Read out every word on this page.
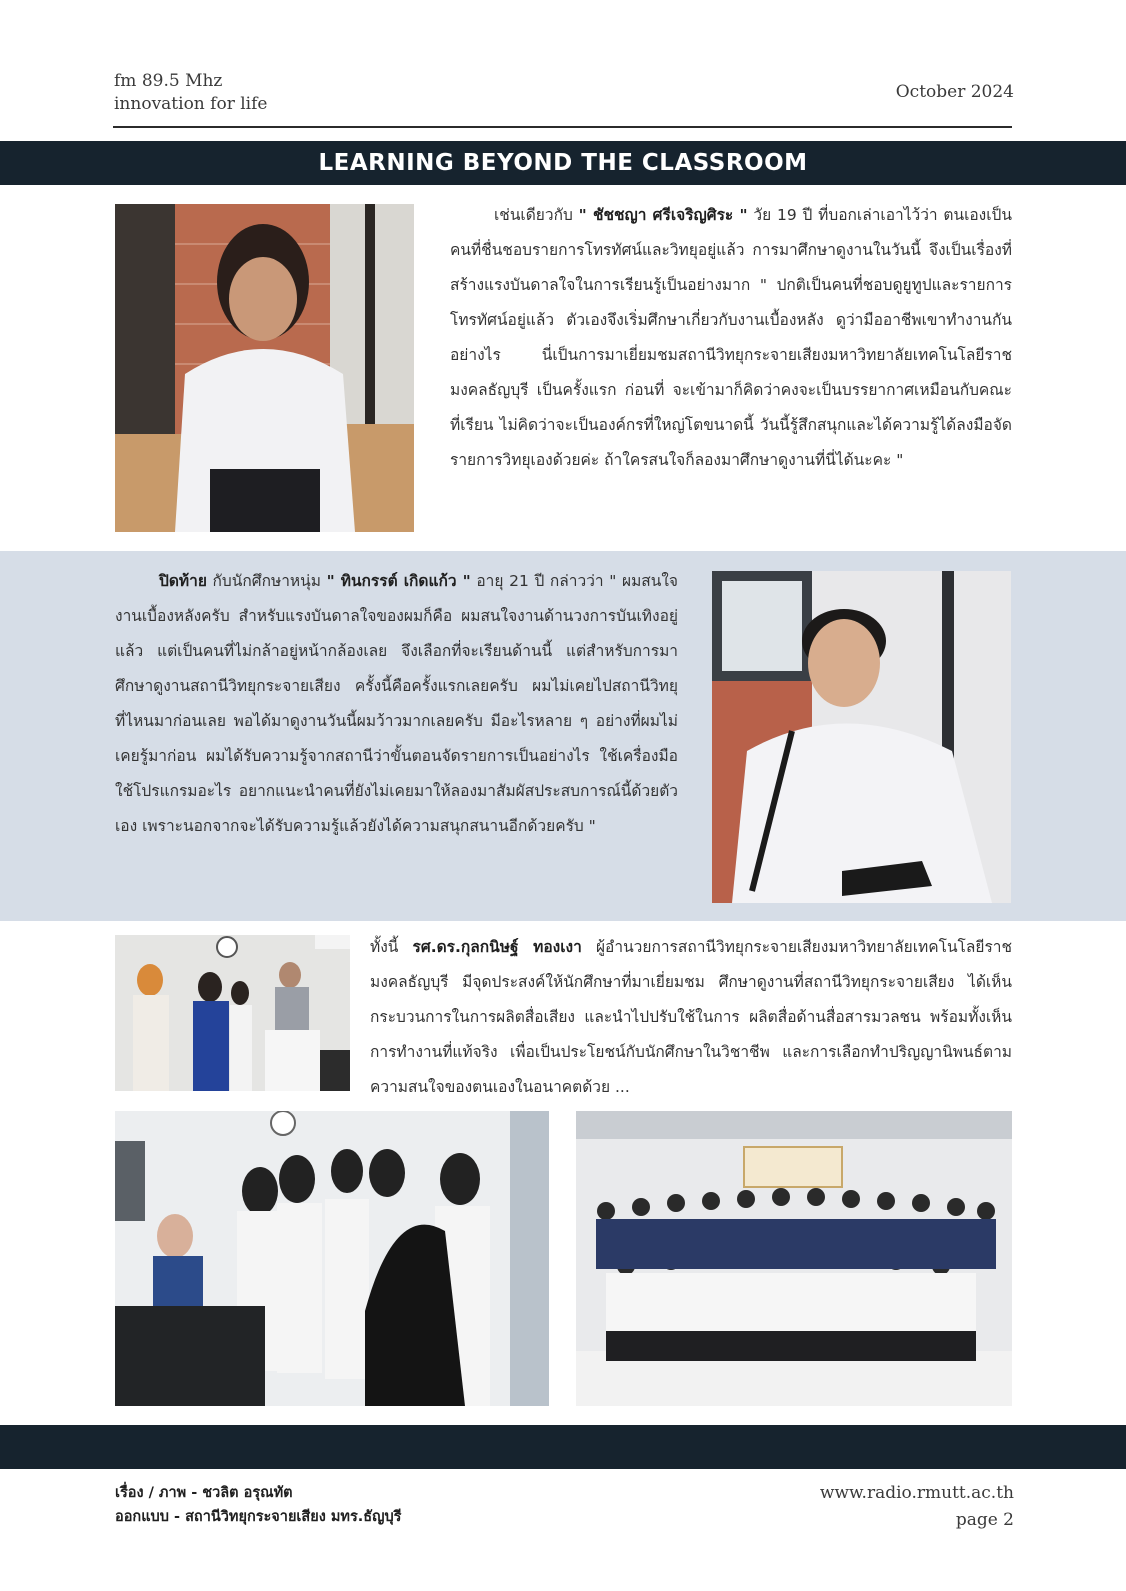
fm 89.5 Mhz
innovation for life
October 2024
LEARNING BEYOND THE CLASSROOM

เช่นเดียวกับ " ชัชชญา ศรีเจริญศิระ " วัย 19 ปี ที่บอกเล่าเอาไว้ว่า ตนเองเป็นคนที่ชื่นชอบรายการโทรทัศน์และวิทยุอยู่แล้ว การมาศึกษาดูงานในวันนี้ จึงเป็นเรื่องที่สร้างแรงบันดาลใจในการเรียนรู้เป็นอย่างมาก " ปกติเป็นคนที่ชอบดูยูทูปและรายการโทรทัศน์อยู่แล้ว ตัวเองจึงเริ่มศึกษาเกี่ยวกับงานเบื้องหลัง ดูว่ามืออาชีพเขาทำงานกันอย่างไร นี่เป็นการมาเยี่ยมชมสถานีวิทยุกระจายเสียงมหาวิทยาลัยเทคโนโลยีราชมงคลธัญบุรี เป็นครั้งแรก ก่อนที่ จะเข้ามาก็คิดว่าคงจะเป็นบรรยากาศเหมือนกับคณะที่เรียน ไม่คิดว่าจะเป็นองค์กรที่ใหญ่โตขนาดนี้ วันนี้รู้สึกสนุกและได้ความรู้ได้ลงมือจัดรายการวิทยุเองด้วยค่ะ ถ้าใครสนใจก็ลองมาศึกษาดูงานที่นี่ได้นะคะ "

ปิดท้าย กับนักศึกษาหนุ่ม " ทินกรรต์ เกิดแก้ว " อายุ 21 ปี กล่าวว่า " ผมสนใจงานเบื้องหลังครับ สำหรับแรงบันดาลใจของผมก็คือ ผมสนใจงานด้านวงการบันเทิงอยู่แล้ว แต่เป็นคนที่ไม่กล้าอยู่หน้ากล้องเลย จึงเลือกที่จะเรียนด้านนี้ แต่สำหรับการมาศึกษาดูงานสถานีวิทยุกระจายเสียง ครั้งนี้คือครั้งแรกเลยครับ ผมไม่เคยไปสถานีวิทยุที่ไหนมาก่อนเลย พอได้มาดูงานวันนี้ผมว้าวมากเลยครับ มีอะไรหลาย ๆ อย่างที่ผมไม่เคยรู้มาก่อน ผมได้รับความรู้จากสถานีว่าขั้นตอนจัดรายการเป็นอย่างไร ใช้เครื่องมือใช้โปรแกรมอะไร อยากแนะนำคนที่ยังไม่เคยมาให้ลองมาสัมผัสประสบการณ์นี้ด้วยตัวเอง เพราะนอกจากจะได้รับความรู้แล้วยังได้ความสนุกสนานอีกด้วยครับ "

ทั้งนี้ รศ.ดร.กุลกนิษฐ์ ทองเงา ผู้อำนวยการสถานีวิทยุกระจายเสียงมหาวิทยาลัยเทคโนโลยีราชมงคลธัญบุรี มีจุดประสงค์ให้นักศึกษาที่มาเยี่ยมชม ศึกษาดูงานที่สถานีวิทยุกระจายเสียง ได้เห็นกระบวนการในการผลิตสื่อเสียง และนำไปปรับใช้ในการ ผลิตสื่อด้านสื่อสารมวลชน พร้อมทั้งเห็นการทำงานที่แท้จริง เพื่อเป็นประโยชน์กับนักศึกษาในวิชาชีพ และการเลือกทำปริญญานิพนธ์ตามความสนใจของตนเองในอนาคตด้วย ...

เรื่อง / ภาพ - ชวลิต อรุณทัต
ออกแบบ - สถานีวิทยุกระจายเสียง มทร.ธัญบุรี
www.radio.rmutt.ac.th
page 2
